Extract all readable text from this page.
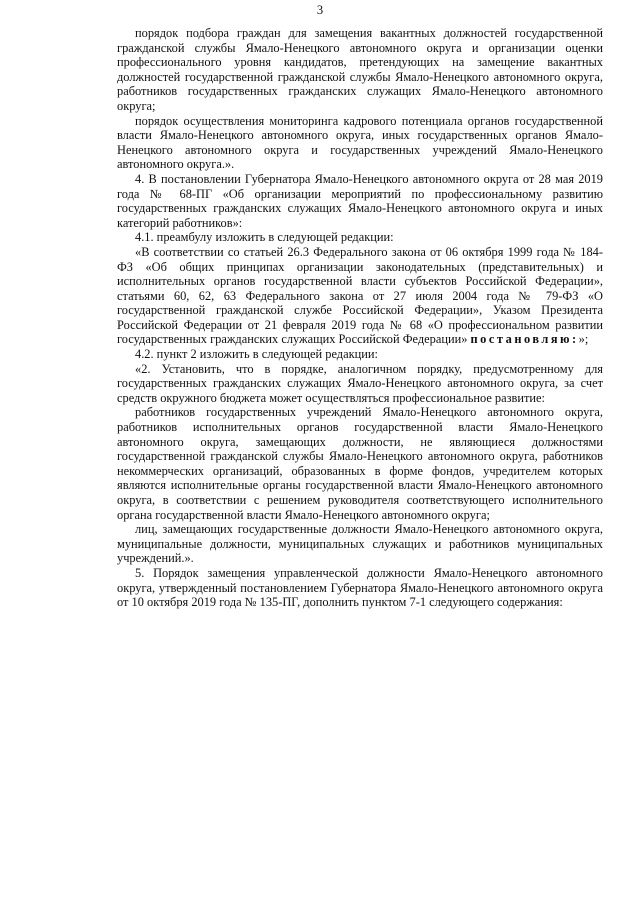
3

порядок подбора граждан для замещения вакантных должностей государственной гражданской службы Ямало-Ненецкого автономного округа и организации оценки профессионального уровня кандидатов, претендующих на замещение вакантных должностей государственной гражданской службы Ямало-Ненецкого автономного округа, работников государственных гражданских служащих Ямало-Ненецкого автономного округа;

порядок осуществления мониторинга кадрового потенциала органов государственной власти Ямало-Ненецкого автономного округа, иных государственных органов Ямало-Ненецкого автономного округа и государственных учреждений Ямало-Ненецкого автономного округа.».

4. В постановлении Губернатора Ямало-Ненецкого автономного округа от 28 мая 2019 года № 68-ПГ «Об организации мероприятий по профессиональному развитию государственных гражданских служащих Ямало-Ненецкого автономного округа и иных категорий работников»:

4.1. преамбулу изложить в следующей редакции:

«В соответствии со статьей 26.3 Федерального закона от 06 октября 1999 года № 184-ФЗ «Об общих принципах организации законодательных (представительных) и исполнительных органов государственной власти субъектов Российской Федерации», статьями 60, 62, 63 Федерального закона от 27 июля 2004 года № 79-ФЗ «О государственной гражданской службе Российской Федерации», Указом Президента Российской Федерации от 21 февраля 2019 года № 68 «О профессиональном развитии государственных гражданских служащих Российской Федерации» постановляю:»;

4.2. пункт 2 изложить в следующей редакции:

«2. Установить, что в порядке, аналогичном порядку, предусмотренному для государственных гражданских служащих Ямало-Ненецкого автономного округа, за счет средств окружного бюджета может осуществляться профессиональное развитие:

работников государственных учреждений Ямало-Ненецкого автономного округа, работников исполнительных органов государственной власти Ямало-Ненецкого автономного округа, замещающих должности, не являющиеся должностями государственной гражданской службы Ямало-Ненецкого автономного округа, работников некоммерческих организаций, образованных в форме фондов, учредителем которых являются исполнительные органы государственной власти Ямало-Ненецкого автономного округа, в соответствии с решением руководителя соответствующего исполнительного органа государственной власти Ямало-Ненецкого автономного округа;

лиц, замещающих государственные должности Ямало-Ненецкого автономного округа, муниципальные должности, муниципальных служащих и работников муниципальных учреждений.».

5. Порядок замещения управленческой должности Ямало-Ненецкого автономного округа, утвержденный постановлением Губернатора Ямало-Ненецкого автономного округа от 10 октября 2019 года № 135-ПГ, дополнить пунктом 7-1 следующего содержания:
